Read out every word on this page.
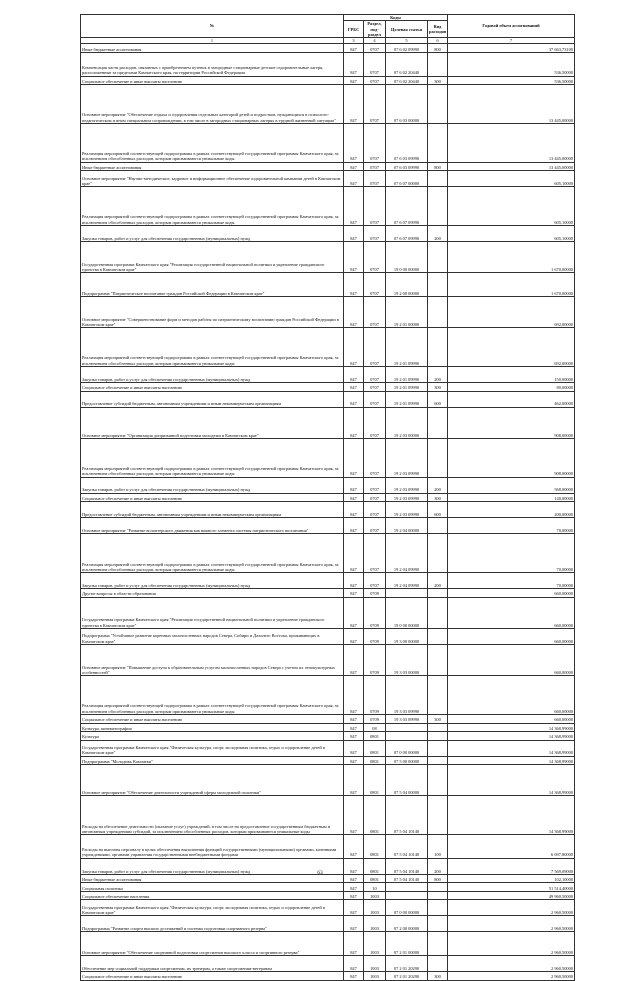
№	Коды				Годовой объем ассигнований
	ГРБС	Раздел, под-раздел	Целевая статья	Вид расходов	
1	3	4	5	6	7
Иные бюджетные ассигнования	847	0707	07 6 02 09990	800	37 663,73100
Компенсация части расходов, связанных с приобретением путевок в загородные стационарные детские оздоровительные лагеря, расположенные за пределами Камчатского края, на территории Российской Федерации	847	0707	07 6 02 20440		536,50000
Социальное обеспечение и иные выплаты населению	847	0707	07 6 02 20440	300	536,50000
Основное мероприятие "Обеспечение отдыха и оздоровления отдельных категорий детей и подростков, нуждающихся в психолого-педагогическом и ином специальном сопровождении, в том числе в загородных стационарных лагерях в трудной жизненной ситуации"	847	0707	07 6 03 00000		13 445,00000
Реализация мероприятий соответствующей подпрограммы в рамках соответствующей государственной программы Камчатского края, за исключением обособленных расходов, которым присваиваются уникальные коды	847	0707	07 6 03 09990		13 445,00000
Иные бюджетные ассигнования	847	0707	07 6 03 09990	800	13 445,00000
Основное мероприятие "Научно-методическое, кадровое и информационное обеспечение оздоровительной кампании детей в Камчатском крае"	847	0707	07 6 07 00000		605,10000
Реализация мероприятий соответствующей подпрограммы в рамках соответствующей государственной программы Камчатского края, за исключением обособленных расходов, которым присваиваются уникальные коды	847	0707	07 6 07 09990		605,10000
Закупка товаров, работ и услуг для обеспечения государственных (муниципальных) нужд	847	0707	07 6 07 09990	200	605,10000
Государственная программа Камчатского края "Реализация государственной национальной политики и укрепление гражданского единства в Камчатском крае"	847	0707	19 0 00 00000		1 670,00000
Подпрограмма "Патриотическое воспитание граждан Российской Федерации в Камчатском крае"	847	0707	19 2 00 00000		1 670,00000
Основное мероприятие "Совершенствование форм и методов работы по патриотическому воспитанию граждан Российской Федерации в Камчатском крае"	847	0707	19 2 01 00000		692,00000
Реализация мероприятий соответствующей подпрограммы в рамках соответствующей государственной программы Камчатского края, за исключением обособленных расходов, которым присваиваются уникальные коды	847	0707	19 2 01 09990		692,00000
Закупка товаров, работ и услуг для обеспечения государственных (муниципальных) нужд	847	0707	19 2 01 09990	200	150,00000
Социальное обеспечение и иные выплаты населению	847	0707	19 2 01 09990	300	80,00000
Предоставление субсидий бюджетным, автономным учреждениям и иным некоммерческим организациям	847	0707	19 2 01 09990	600	462,00000
Основное мероприятие "Организация допризывной подготовки молодежи в Камчатском крае"	847	0707	19 2 03 00000		908,00000
Реализация мероприятий соответствующей подпрограммы в рамках соответствующей государственной программы Камчатского края, за исключением обособленных расходов, которым присваиваются уникальные коды	847	0707	19 2 03 09990		908,00000
Закупка товаров, работ и услуг для обеспечения государственных (муниципальных) нужд	847	0707	19 2 03 09990	200	568,00000
Социальное обеспечение и иные выплаты населению	847	0707	19 2 03 09990	300	140,00000
Предоставление субсидий бюджетным, автономным учреждениям и иным некоммерческим организациям	847	0707	19 2 03 09990	600	200,00000
Основное мероприятие "Развитие волонтерского движения как важного элемента системы патриотического воспитания"	847	0707	19 2 04 00000		70,00000
Реализация мероприятий соответствующей подпрограммы в рамках соответствующей государственной программы Камчатского края, за исключением обособленных расходов, которым присваиваются уникальные коды	847	0707	19 2 04 09990		70,00000
Закупка товаров, работ и услуг для обеспечения государственных (муниципальных) нужд	847	0707	19 2 04 09990	200	70,00000
Другие вопросы в области образования	847	0709			660,00000
Государственная программа Камчатского края "Реализация государственной национальной политики и укрепление гражданского единства в Камчатском крае"	847	0709	19 0 00 00000		660,00000
Подпрограмма "Устойчивое развитие коренных малочисленных народов Севера, Сибири и Дальнего Востока, проживающих в Камчатском крае"	847	0709	19 3 00 00000		660,00000
Основное мероприятие "Повышение доступа к образовательным услугам малочисленных народов Севера с учетом их этнокультурных особенностей"	847	0709	19 3 03 00000		660,00000
Реализация мероприятий соответствующей подпрограммы в рамках соответствующей государственной программы Камчатского края, за исключением обособленных расходов, которым присваиваются уникальные коды	847	0709	19 3 03 09990		660,00000
Социальное обеспечение и иные выплаты населению	847	0709	19 3 03 09990	300	660,00000
Культура, кинематография	847	08			14 368,99000
Культура	847	0801			14 368,99000
Государственная программа Камчатского края "Физическая культура, спорт, молодежная политика, отдых и оздоровление детей в Камчатском крае"	847	0801	07 0 00 00000		14 368,99000
Подпрограмма "Молодежь Камчатки"	847	0801	07 5 00 00000		14 368,99000
Основное мероприятие "Обеспечение деятельности учреждений сферы молодежной политики"	847	0801	07 5 04 00000		14 368,99000
Расходы на обеспечение деятельности (оказание услуг) учреждений, в том числе на предоставление государственным бюджетным и автономным учреждениям субсидий, за исключением обособленных расходов, которым присваиваются уникальные коды	847	0801	07 5 04 10140		14 368,99000
Расходы на выплаты персоналу в целях обеспечения выполнения функций государственными (муниципальными) органами, казенными учреждениями, органами управления государственными внебюджетными фондами	847	0801	07 5 04 10140	100	6 697,80000
Закупка товаров, работ и услуг для обеспечения государственных (муниципальных) нужд	847	0801	07 5 04 10140	200	7 569,09000
Иные бюджетные ассигнования	847	0801	07 5 04 10140	800	102,10000
Социальная политика	847	10			51 514,40000
Социальное обеспечение населения	847	1003			49 960,50000
Государственная программа Камчатского края "Физическая культура, спорт, молодежная политика, отдых и оздоровление детей в Камчатском крае"	847	1003	07 0 00 00000		2 960,50000
Подпрограмма "Развитие спорта высших достижений и системы подготовки спортивного резерва"	847	1003	07 2 00 00000		2 960,50000
Основное мероприятие "Обеспечение спортивной подготовки спортсменов высокого класса и спортивного резерва"	847	1003	07 2 01 00000		2 960,50000
Обеспечение мер социальной поддержки спортсменам, их тренерам, а также спортсменам-ветеранам	847	1003	07 2 01 20290		2 960,50000
Социальное обеспечение и иные выплаты населению	847	1003	07 2 01 20290	300	2 960,50000
63
